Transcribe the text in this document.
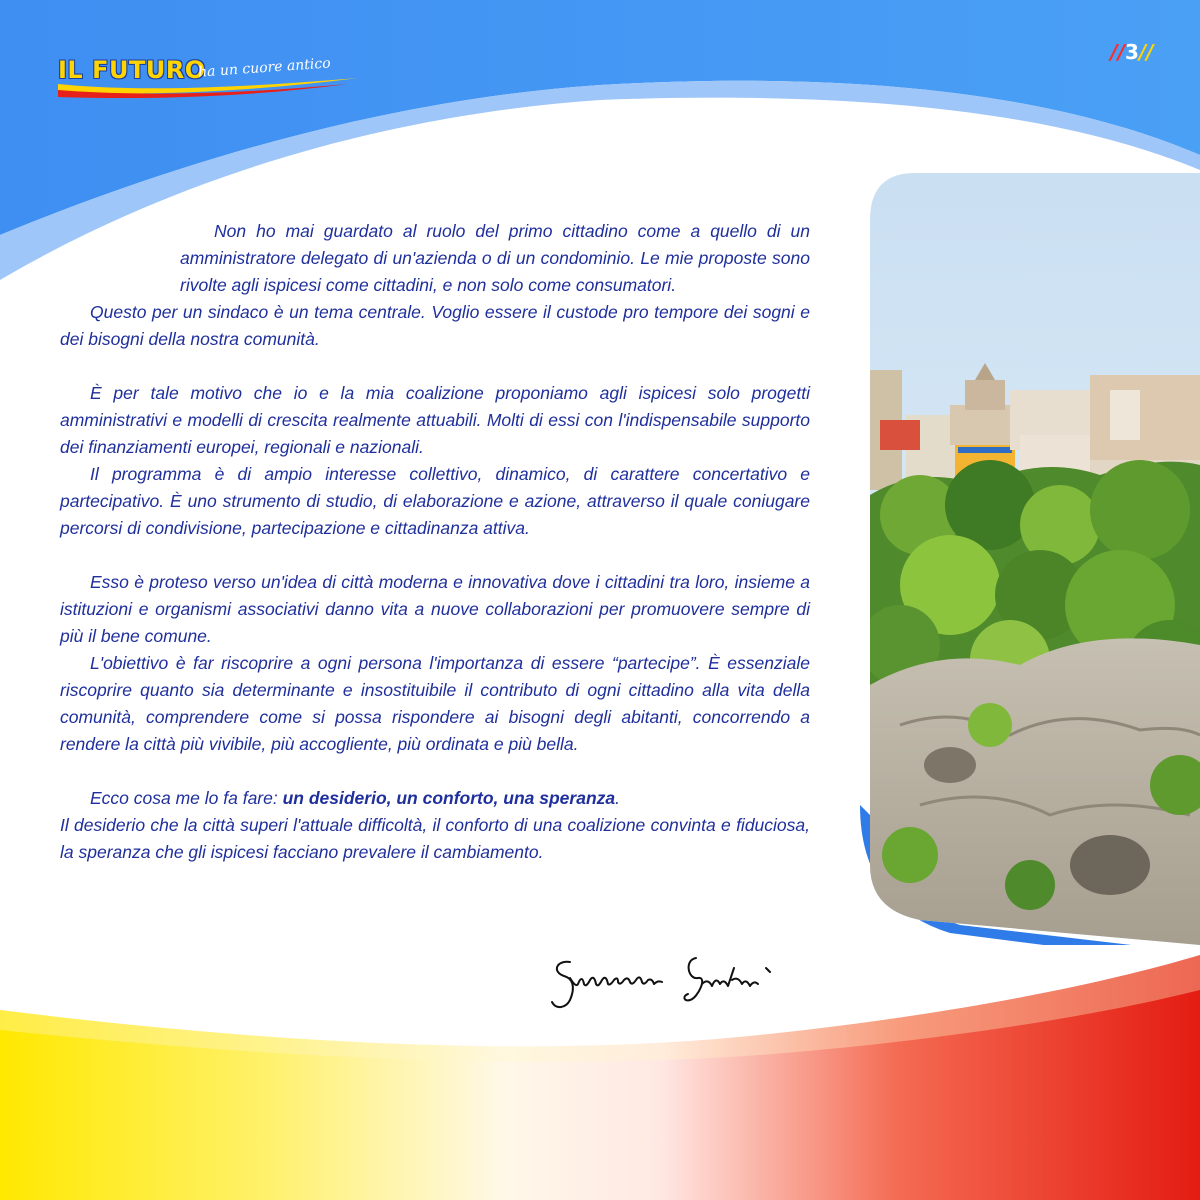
IL FUTURO
ha un cuore antico
//3//

Non ho mai guardato al ruolo del primo cittadino come a quello di un amministratore delegato di un'azienda o di un condominio. Le mie proposte sono rivolte agli ispicesi come cittadini, e non solo come consumatori.

Questo per un sindaco è un tema centrale. Voglio essere il custode pro tempore dei sogni e dei bisogni della nostra comunità.

È per tale motivo che io e la mia coalizione proponiamo agli ispicesi solo progetti amministrativi e modelli di crescita realmente attuabili. Molti di essi con l'indispensabile supporto dei finanziamenti europei, regionali e nazionali.

Il programma è di ampio interesse collettivo, dinamico, di carattere concertativo e partecipativo. È uno strumento di studio, di elaborazione e azione, attraverso il quale coniugare percorsi di condivisione, partecipazione e cittadinanza attiva.

Esso è proteso verso un'idea di città moderna e innovativa dove i cittadini tra loro, insieme a istituzioni e organismi associativi danno vita a nuove collaborazioni per promuovere sempre di più il bene comune.

L'obiettivo è far riscoprire a ogni persona l'importanza di essere “partecipe”. È essenziale riscoprire quanto sia determinante e insostituibile il contributo di ogni cittadino alla vita della comunità, comprendere come si possa rispondere ai bisogni degli abitanti, concorrendo a rendere la città più vivibile, più accogliente, più ordinata e più bella.

Ecco cosa me lo fa fare: un desiderio, un conforto, una speranza.

Il desiderio che la città superi l'attuale difficoltà, il conforto di una coalizione convinta e fiduciosa, la speranza che gli ispicesi facciano prevalere il cambiamento.
